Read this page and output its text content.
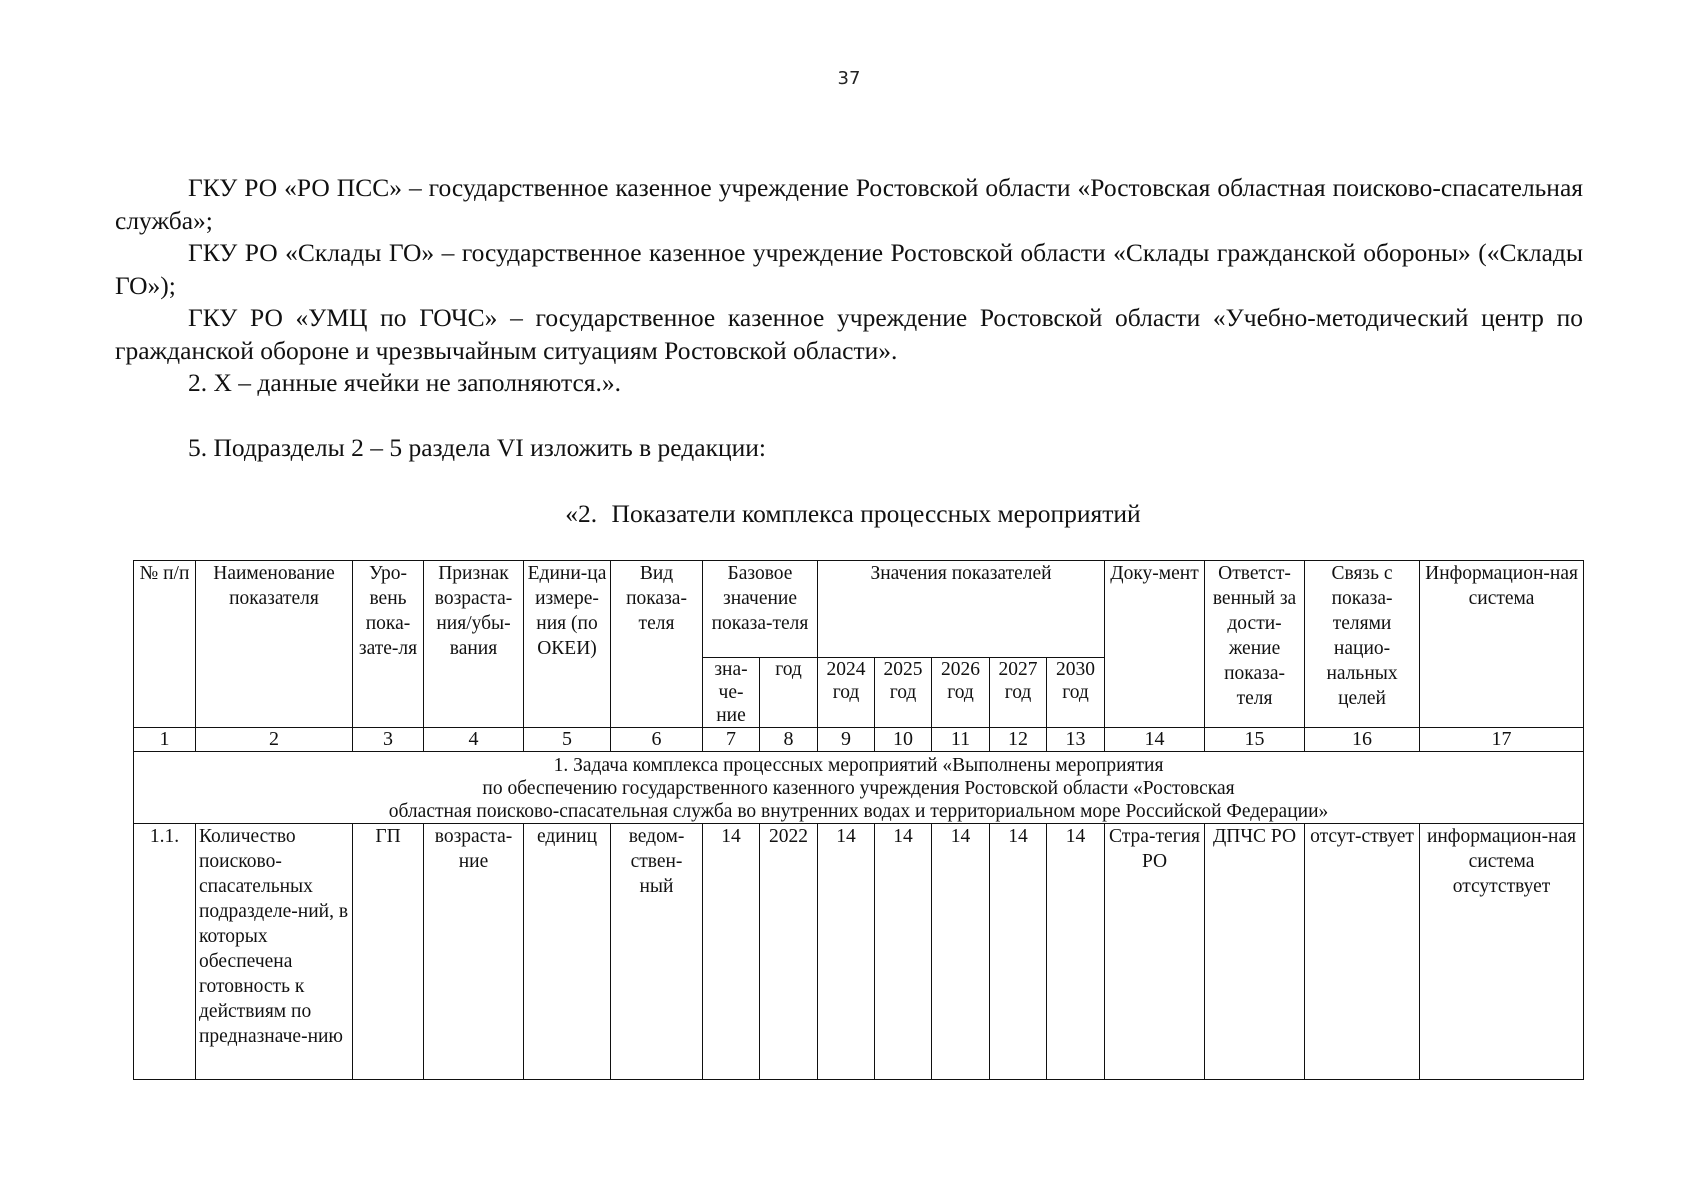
37

ГКУ РО «РО ПСС» – государственное казенное учреждение Ростовской области «Ростовская областная поисково-спасательная служба»;

ГКУ РО «Склады ГО» – государственное казенное учреждение Ростовской области «Склады гражданской обороны» («Склады ГО»);

ГКУ РО «УМЦ по ГОЧС» – государственное казенное учреждение Ростовской области «Учебно-методический центр по гражданской обороне и чрезвычайным ситуациям Ростовской области».

2. Х – данные ячейки не заполняются.».

5. Подразделы 2 – 5 раздела VI изложить в редакции:

«2. Показатели комплекса процессных мероприятий
№ п/п	Наименование показателя	Уро-вень пока-зате-ля	Признак возраста-ния/убы-вания	Едини-ца измере-ния (по ОКЕИ)	Вид показа-теля	Базовое значение показа-теля		Значения показателей					Доку-мент	Ответст-венный за дости-жение показа-теля	Связь с показа-телями нацио-нальных целей	Информацион-ная система
						зна-че-ние	год	2024 год	2025 год	2026 год	2027 год	2030 год				
1	2	3	4	5	6	7	8	9	10	11	12	13	14	15	16	17

1. Задача комплекса процессных мероприятий «Выполнены мероприятия
по обеспечению государственного казенного учреждения Ростовской области «Ростовская
областная поисково-спасательная служба во внутренних водах и территориальном море Российской Федерации»																

1.1.	Количество поисково-спасательных подразделе-ний, в которых обеспечена готовность к действиям по предназначе-нию	ГП	возраста-ние	единиц	ведом-ствен-ный	14	2022	14	14	14	14	14	Стра-тегия РО	ДПЧС РО	отсут-ствует	информацион-ная система отсутствует
